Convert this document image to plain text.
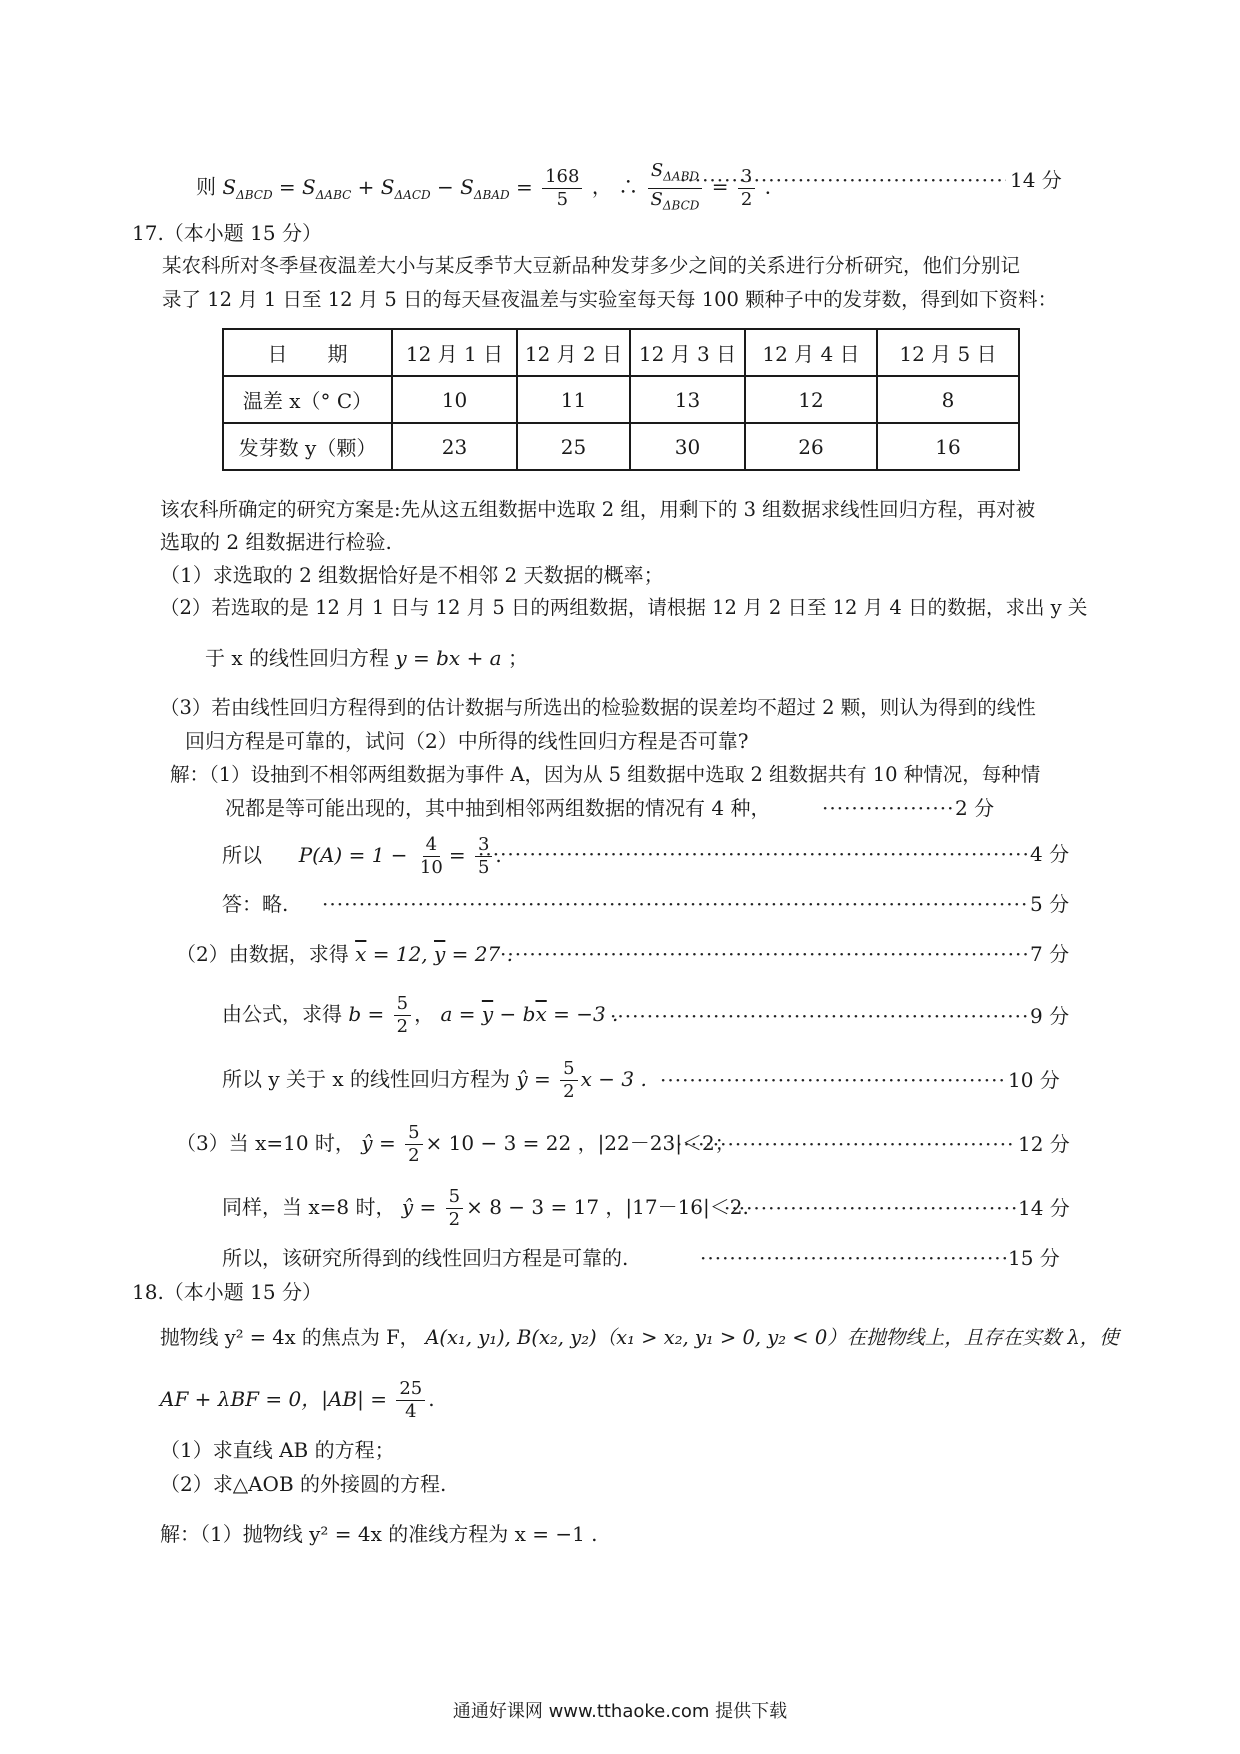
则 $S_{\Delta BCD} = S_{\Delta ABC} + S_{\Delta ACD} - S_{\Delta BAD} = \frac{168}{5}$ ， ∴ $\frac{S_{\Delta ABD}}{S_{\Delta BCD}} = \frac{3}{2}$ ． ·····	14 分
17.（本小题 15 分）
某农科所对冬季昼夜温差大小与某反季节大豆新品种发芽多少之间的关系进行分析研究，他们分别记
录了 12 月 1 日至 12 月 5 日的每天昼夜温差与实验室每天每 100 颗种子中的发芽数，得到如下资料：
日　　期	12 月 1 日	12 月 2 日	12 月 3 日	12 月 4 日	12 月 5 日
温差 x（° C）	10	11	13	12	8
发芽数 y（颗）	23	25	30	26	16
该农科所确定的研究方案是:先从这五组数据中选取 2 组，用剩下的 3 组数据求线性回归方程，再对被
选取的 2 组数据进行检验.
（1）求选取的 2 组数据恰好是不相邻 2 天数据的概率；
（2）若选取的是 12 月 1 日与 12 月 5 日的两组数据，请根据 12 月 2 日至 12 月 4 日的数据，求出 y 关
于 x 的线性回归方程 y = bx + a ；
（3）若由线性回归方程得到的估计数据与所选出的检验数据的误差均不超过 2 颗，则认为得到的线性
回归方程是可靠的，试问（2）中所得的线性回归方程是否可靠?
解：（1）设抽到不相邻两组数据为事件 A，因为从 5 组数据中选取 2 组数据共有 10 种情况，每种情
况都是等可能出现的，其中抽到相邻两组数据的情况有 4 种， ·····	2 分
所以 $P(A) = 1 - \frac{4}{10} = \frac{3}{5}$ . ·····	4 分
答：略. ·····	5 分
（2）由数据，求得 $\overline{x} = 12$, $\overline{y} = 27$ . ·····	7 分
由公式，求得 $b = \frac{5}{2}$ ， $a = \overline{y} - b\overline{x} = -3$ . ·····	9 分
所以 y 关于 x 的线性回归方程为 ŷ = $\frac{5}{2}$ x − 3 . ·····	10 分
（3）当 x=10 时， ŷ = $\frac{5}{2} \times 10 - 3 = 22$ ，|22－23|＜2； ·····	12 分
同样，当 x=8 时， ŷ = $\frac{5}{2} \times 8 - 3 = 17$ ，|17－16|＜2. ·····	14 分
所以，该研究所得到的线性回归方程是可靠的. ·····	15 分
18.（本小题 15 分）
抛物线 y² = 4x 的焦点为 F， A(x₁, y₁), B(x₂, y₂)（x₁ > x₂, y₁ > 0, y₂ < 0）在抛物线上，且存在实数 λ，使
AF + λBF = 0，$|AB| = \frac{25}{4}$ .
（1）求直线 AB 的方程；
（2）求△AOB 的外接圆的方程.
解：（1）抛物线 y² = 4x 的准线方程为 x = −1 .
通通好课网 www.tthaoke.com 提供下载
